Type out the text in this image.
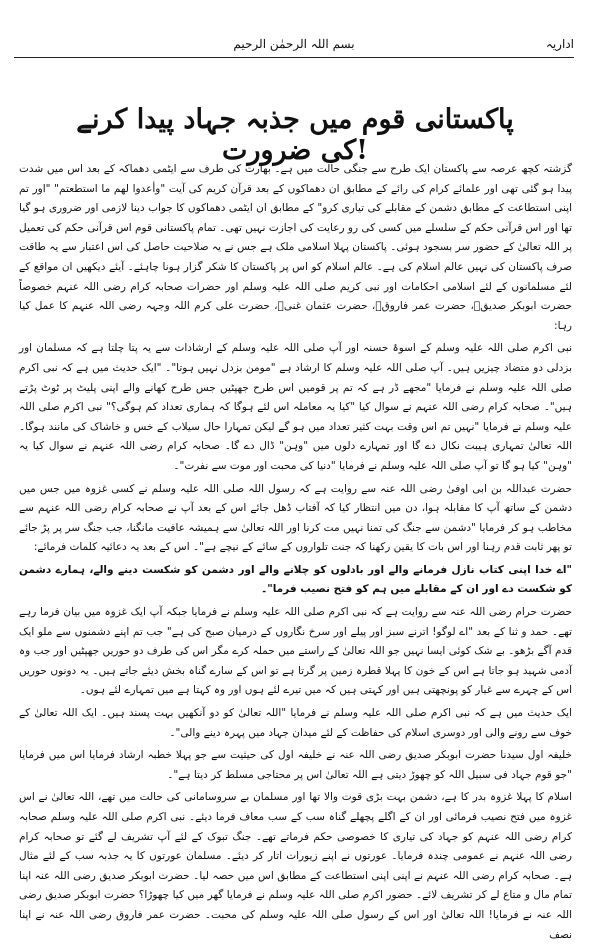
اداریہ
بسم اللہ الرحمٰن الرحیم
پاکستانی قوم میں جذبہ جہاد پیدا کرنے کی ضرورت!

گزشتہ کچھ عرصہ سے پاکستان ایک طرح سے جنگی حالت میں ہے۔ بھارت کی طرف سے ایٹمی دھماکہ کے بعد اس میں شدت پیدا ہو گئی تھی اور علمائے کرام کی رائے کے مطابق ان دھماکوں کے بعد قرآن کریم کی آیت "وأعدوا لهم ما استطعتم" "اور تم اپنی استطاعت کے مطابق دشمن کے مقابلے کی تیاری کرو" کے مطابق ان ایٹمی دھماکوں کا جواب دینا لازمی اور ضروری ہو گیا تھا اور اس قرآنی حکم کے سلسلے میں کسی کی رو رعایت کی اجازت نہیں تھی۔ تمام پاکستانی قوم اس قرآنی حکم کی تعمیل پر اللہ تعالیٰ کے حضور سر بسجود ہوئی۔ پاکستان پہلا اسلامی ملک ہے جس نے یہ صلاحیت حاصل کی اس اعتبار سے یہ طاقت صرف پاکستان کی نہیں عالم اسلام کی ہے۔ عالم اسلام کو اس پر پاکستان کا شکر گزار ہونا چاہئے۔ آیئے دیکھیں ان مواقع کے لئے مسلمانوں کے لئے اسلامی احکامات اور نبی کریم صلی اللہ علیہ وسلم اور حضرات صحابہ کرام رضی اللہ عنہم خصوصاً حضرت ابوبکر صدیقؓ، حضرت عمر فاروقؓ، حضرت عثمان غنیؓ، حضرت علی کرم اللہ وجہہ رضی اللہ عنہم کا عمل کیا رہا:

نبی اکرم صلی اللہ علیہ وسلم کے اسوۂ حسنہ اور آپ صلی اللہ علیہ وسلم کے ارشادات سے یہ پتا چلتا ہے کہ مسلمان اور بزدلی دو متضاد چیزیں ہیں۔ آپ صلی اللہ علیہ وسلم کا ارشاد ہے "مومن بزدل نہیں ہوتا"۔ "ایک حدیث میں ہے کہ نبی اکرم صلی اللہ علیہ وسلم نے فرمایا "مجھے ڈر ہے کہ تم پر قومیں اس طرح جھپٹیں جس طرح کھانے والے اپنی پلیٹ پر ٹوٹ پڑتے ہیں"۔ صحابہ کرام رضی اللہ عنہم نے سوال کیا "کیا یہ معاملہ اس لئے ہوگا کہ ہماری تعداد کم ہوگی؟" نبی اکرم صلی اللہ علیہ وسلم نے فرمایا "نہیں تم اس وقت بہت کثیر تعداد میں ہو گے لیکن تمہارا حال سیلاب کے خس و خاشاک کی مانند ہوگا۔ اللہ تعالیٰ تمہاری ہیبت نکال دے گا اور تمہارے دلوں میں "وہن" ڈال دے گا۔ صحابہ کرام رضی اللہ عنہم نے سوال کیا یہ "وہن" کیا ہو گا تو آپ صلی اللہ علیہ وسلم نے فرمایا "دنیا کی محبت اور موت سے نفرت"۔

حضرت عبداللہ بن ابی اوفیٰ رضی اللہ عنہ سے روایت ہے کہ رسول اللہ صلی اللہ علیہ وسلم نے کسی غزوہ میں جس میں دشمن کے ساتھ آپ کا مقابلہ ہوا، دن میں انتظار کیا کہ آفتاب ڈھل جائے اس کے بعد آپ نے صحابہ کرام رضی اللہ عنہم سے مخاطب ہو کر فرمایا "دشمن سے جنگ کی تمنا نہیں مت کرنا اور اللہ تعالیٰ سے ہمیشہ عافیت مانگنا، جب جنگ سر پر پڑ جائے تو پھر ثابت قدم رہنا اور اس بات کا یقین رکھنا کہ جنت تلواروں کے سائے کے نیچے ہے"۔ اس کے بعد یہ دعائیہ کلمات فرمائے:

"اے خدا اپنی کتاب نازل فرمانے والے اور بادلوں کو چلانے والے اور دشمن کو شکست دینے والے، ہمارے دشمن کو شکست دے اور ان کے مقابلے میں ہم کو فتح نصیب فرما"۔

حضرت حرام رضی اللہ عنہ سے روایت ہے کہ نبی اکرم صلی اللہ علیہ وسلم نے فرمایا جبکہ آپ ایک غزوہ میں بیان فرما رہے تھے۔ حمد و ثنا کے بعد "اے لوگو! اترنے سبز اور پیلے اور سرخ نگاروں کے درمیان صبح کی ہے" جب تم اپنے دشمنوں سے ملو ایک قدم آگے بڑھو۔ بے شک کوئی ایسا نہیں جو اللہ تعالیٰ کے راستے میں حملہ کرے مگر اس کی طرف دو حوریں جھپٹیں اور جب وہ آدمی شہید ہو جاتا ہے اس کے خون کا پہلا قطرہ زمین پر گرتا ہے تو اس کے سارے گناہ بخش دیئے جاتے ہیں۔ یہ دونوں حوریں اس کے چہرے سے غبار کو پونچھتی ہیں اور کہتی ہیں کہ میں تیرے لئے ہوں اور وہ کہتا ہے میں تمہارے لئے ہوں۔

ایک حدیث میں ہے کہ نبی اکرم صلی اللہ علیہ وسلم نے فرمایا "اللہ تعالیٰ کو دو آنکھیں بہت پسند ہیں۔ ایک اللہ تعالیٰ کے خوف سے رونے والی اور دوسری اسلام کی حفاظت کے لئے میدان جہاد میں پہرہ دینے والی"۔

خلیفہ اول سیدنا حضرت ابوبکر صدیق رضی اللہ عنہ نے خلیفہ اول کی حیثیت سے جو پہلا خطبہ ارشاد فرمایا اس میں فرمایا "جو قوم جہاد فی سبیل اللہ کو چھوڑ دیتی ہے اللہ تعالیٰ اس پر محتاجی مسلط کر دیتا ہے"۔

اسلام کا پہلا غزوہ بدر کا ہے، دشمن بہت بڑی قوت والا تھا اور مسلمان بے سروسامانی کی حالت میں تھے، اللہ تعالیٰ نے اس غزوہ میں فتح نصیب فرمائی اور ان کے اگلے پچھلے گناہ سب کے سب معاف فرما دیئے۔ نبی اکرم صلی اللہ علیہ وسلم صحابہ کرام رضی اللہ عنہم کو جہاد کی تیاری کا خصوصی حکم فرماتے تھے۔ جنگ تبوک کے لئے آپ تشریف لے گئے تو صحابہ کرام رضی اللہ عنہم نے عمومی چندہ فرمایا۔ عورتوں نے اپنے زیورات اتار کر دیئے۔ مسلمان عورتوں کا یہ جذبہ سب کے لئے مثال ہے۔ صحابہ کرام رضی اللہ عنہم نے اپنی اپنی استطاعت کے مطابق اس میں حصہ لیا۔ حضرت ابوبکر صدیق رضی اللہ عنہ اپنا تمام مال و متاع لے کر تشریف لائے۔ حضور اکرم صلی اللہ علیہ وسلم نے فرمایا گھر میں کیا چھوڑا؟ حضرت ابوبکر صدیق رضی اللہ عنہ نے فرمایا! اللہ تعالیٰ اور اس کے رسول صلی اللہ علیہ وسلم کی محبت۔ حضرت عمر فاروق رضی اللہ عنہ نے اپنا نصف
